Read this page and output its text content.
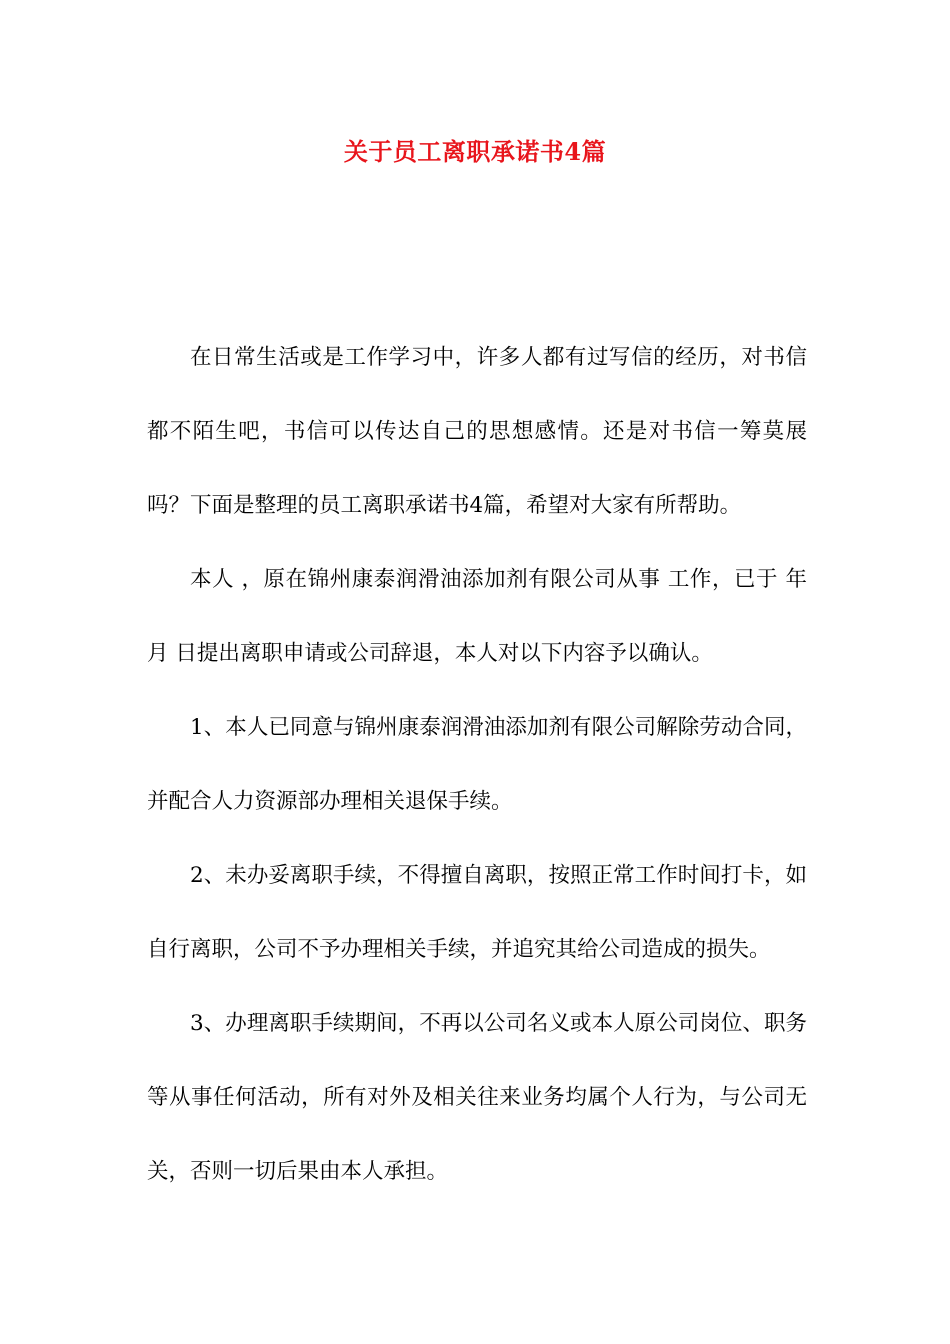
关于员工离职承诺书4篇

在日常生活或是工作学习中，许多人都有过写信的经历，对书信都不陌生吧，书信可以传达自己的思想感情。还是对书信一筹莫展吗？下面是整理的员工离职承诺书4篇，希望对大家有所帮助。

本人 ，原在锦州康泰润滑油添加剂有限公司从事 工作，已于 年 月 日提出离职申请或公司辞退，本人对以下内容予以确认。

1、本人已同意与锦州康泰润滑油添加剂有限公司解除劳动合同，并配合人力资源部办理相关退保手续。

2、未办妥离职手续，不得擅自离职，按照正常工作时间打卡，如自行离职，公司不予办理相关手续，并追究其给公司造成的损失。

3、办理离职手续期间，不再以公司名义或本人原公司岗位、职务等从事任何活动，所有对外及相关往来业务均属个人行为，与公司无关，否则一切后果由本人承担。
